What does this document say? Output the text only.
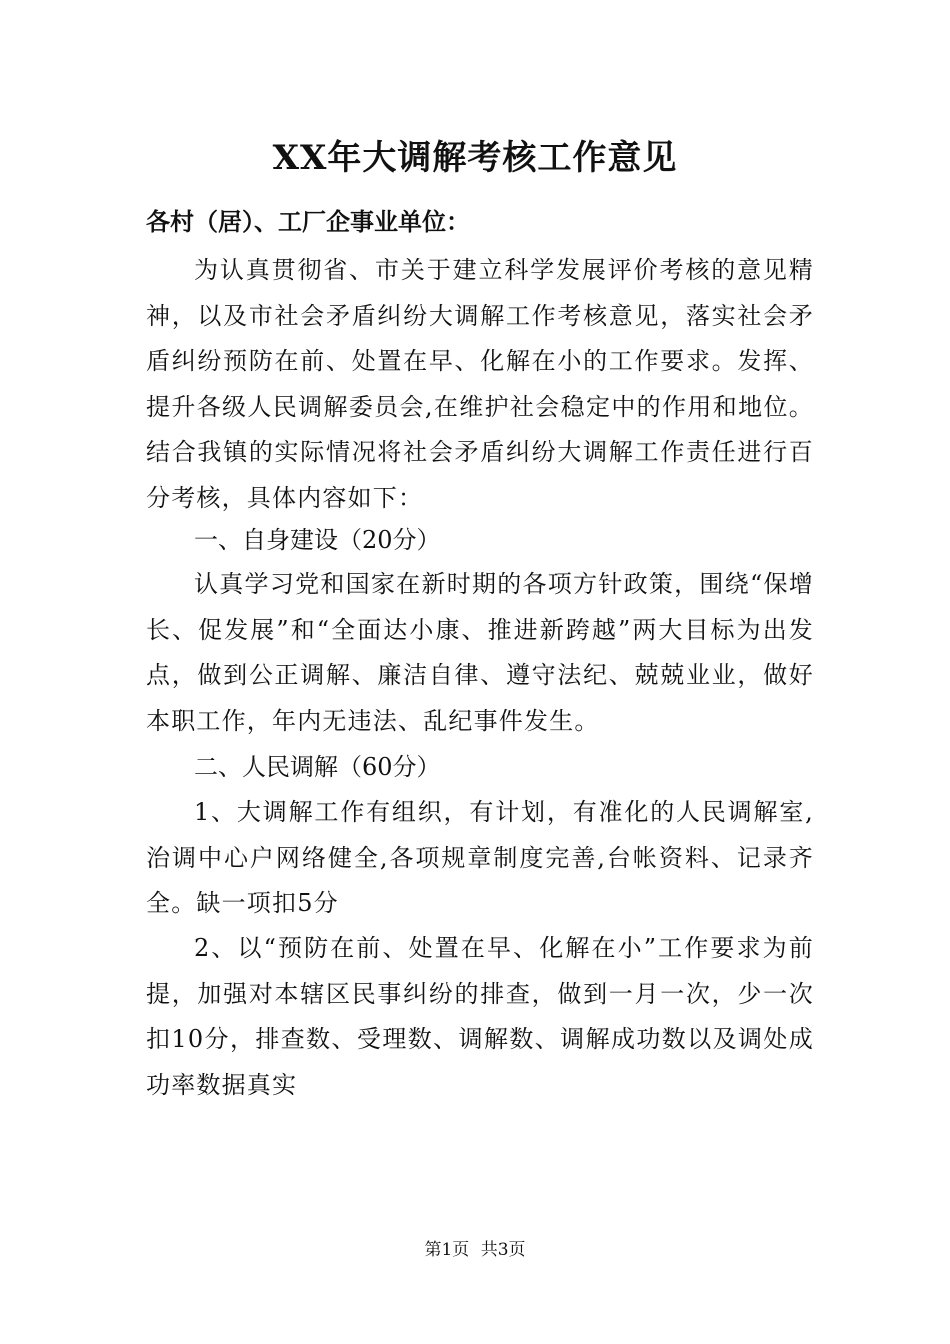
XX年大调解考核工作意见
各村（居）、工厂企事业单位：

为认真贯彻省、市关于建立科学发展评价考核的意见精神，以及市社会矛盾纠纷大调解工作考核意见，落实社会矛盾纠纷预防在前、处置在早、化解在小的工作要求。发挥、提升各级人民调解委员会,在维护社会稳定中的作用和地位。结合我镇的实际情况将社会矛盾纠纷大调解工作责任进行百分考核，具体内容如下：

一、自身建设（20分）

认真学习党和国家在新时期的各项方针政策，围绕“保增长、促发展”和“全面达小康、推进新跨越”两大目标为出发点，做到公正调解、廉洁自律、遵守法纪、兢兢业业，做好本职工作，年内无违法、乱纪事件发生。

二、人民调解（60分）

1、大调解工作有组织，有计划，有准化的人民调解室,治调中心户网络健全,各项规章制度完善,台帐资料、记录齐全。缺一项扣5分

2、以“预防在前、处置在早、化解在小”工作要求为前提，加强对本辖区民事纠纷的排查，做到一月一次，少一次扣10分，排查数、受理数、调解数、调解成功数以及调处成功率数据真实

第1页 共3页
